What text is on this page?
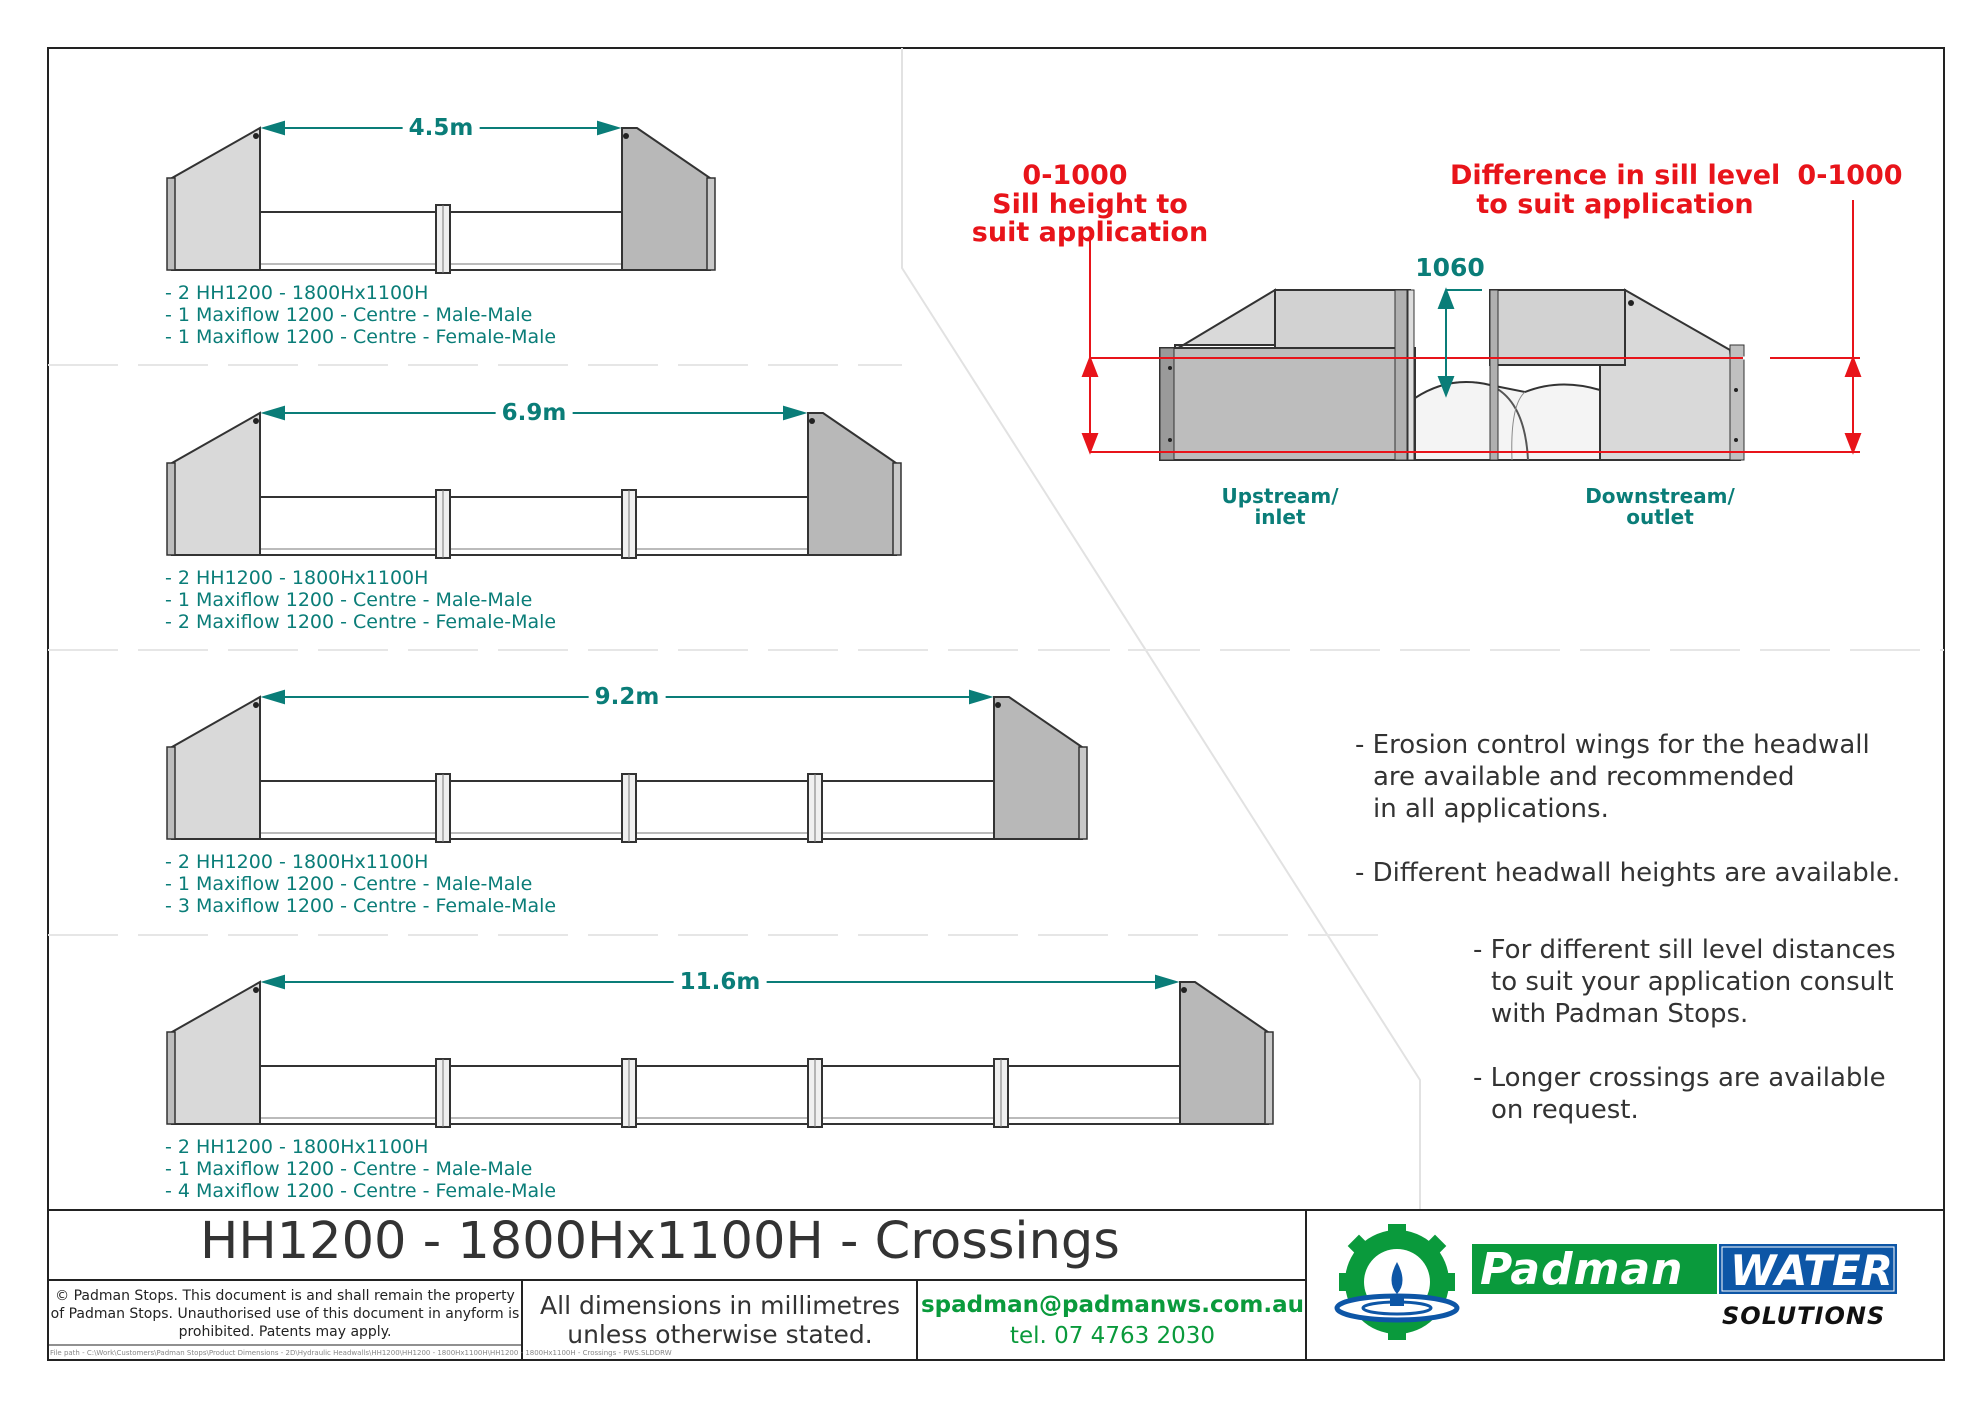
4.5m
- 2 HH1200 - 1800Hx1100H
- 1 Maxiflow 1200 - Centre - Male-Male
- 1 Maxiflow 1200 - Centre - Female-Male
6.9m
- 2 HH1200 - 1800Hx1100H
- 1 Maxiflow 1200 - Centre - Male-Male
- 2 Maxiflow 1200 - Centre - Female-Male
9.2m
- 2 HH1200 - 1800Hx1100H
- 1 Maxiflow 1200 - Centre - Male-Male
- 3 Maxiflow 1200 - Centre - Female-Male
11.6m
- 2 HH1200 - 1800Hx1100H
- 1 Maxiflow 1200 - Centre - Male-Male
- 4 Maxiflow 1200 - Centre - Female-Male
0-1000
Sill height to
suit application
Difference in sill level
to suit application
0-1000
1060
Upstream/
inlet
Downstream/
outlet
- Erosion control wings for the headwall
are available and recommended
in all applications.
- Different headwall heights are available.
- For different sill level distances
to suit your application consult
with Padman Stops.
- Longer crossings are available
on request.
HH1200 - 1800Hx1100H - Crossings
© Padman Stops. This document is and shall remain the property of Padman Stops. Unauthorised use of this document in anyform is prohibited. Patents may apply.
All dimensions in millimetres
unless otherwise stated.
spadman@padmanws.com.au
tel. 07 4763 2030
File path - C:\Work\Customers\Padman Stops\Product Dimensions - 2D\Hydraulic Headwalls\HH1200\HH1200 - 1800Hx1100H\HH1200 - 1800Hx1100H - Crossings - PWS.SLDDRW
Padman WATER
SOLUTIONS
